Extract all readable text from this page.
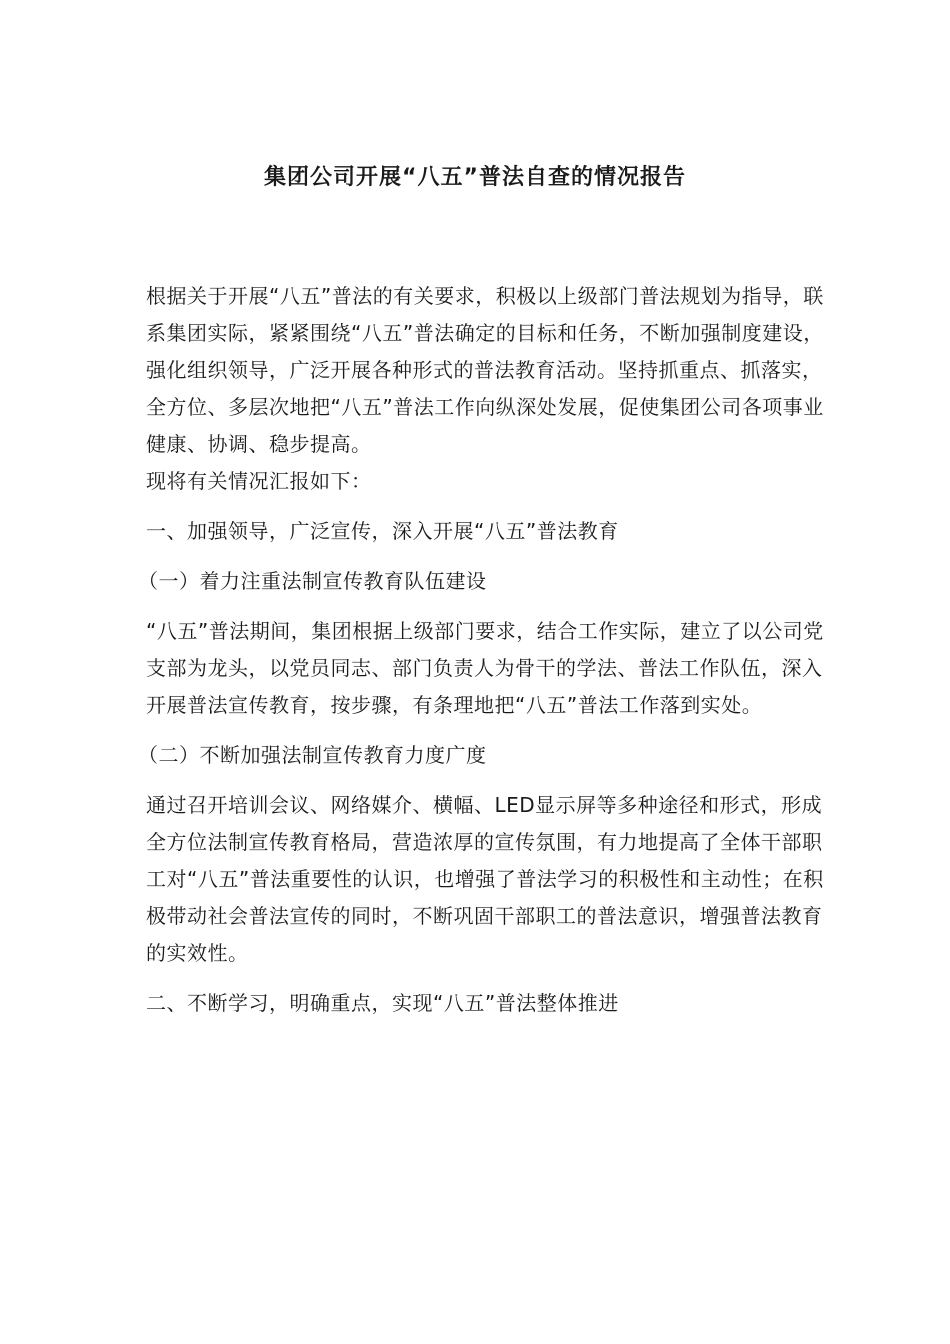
集团公司开展“八五”普法自查的情况报告

根据关于开展“八五”普法的有关要求，积极以上级部门普法规划为指导，联系集团实际，紧紧围绕“八五”普法确定的目标和任务，不断加强制度建设，强化组织领导，广泛开展各种形式的普法教育活动。坚持抓重点、抓落实，全方位、多层次地把“八五”普法工作向纵深处发展，促使集团公司各项事业健康、协调、稳步提高。

现将有关情况汇报如下：

一、加强领导，广泛宣传，深入开展“八五”普法教育

（一）着力注重法制宣传教育队伍建设

“八五”普法期间，集团根据上级部门要求，结合工作实际，建立了以公司党支部为龙头，以党员同志、部门负责人为骨干的学法、普法工作队伍，深入开展普法宣传教育，按步骤，有条理地把“八五”普法工作落到实处。

（二）不断加强法制宣传教育力度广度

通过召开培训会议、网络媒介、横幅、LED显示屏等多种途径和形式，形成全方位法制宣传教育格局，营造浓厚的宣传氛围，有力地提高了全体干部职工对“八五”普法重要性的认识，也增强了普法学习的积极性和主动性；在积极带动社会普法宣传的同时，不断巩固干部职工的普法意识，增强普法教育的实效性。

二、不断学习，明确重点，实现“八五”普法整体推进
